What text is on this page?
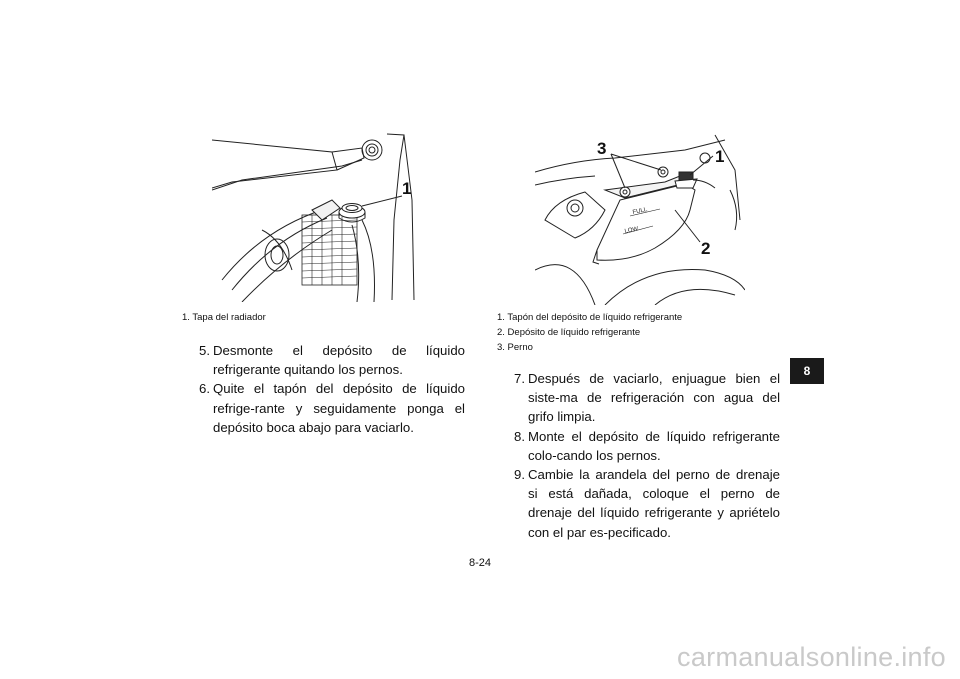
1
FULL
LOW
3	1
2
1. Tapa del radiador	1. Tapón del depósito de líquido refrigerante
2. Depósito de líquido refrigerante
3. Perno
5. Desmonte el depósito de líquido refrigerante quitando los pernos.
6. Quite el tapón del depósito de líquido refrige-rante y seguidamente ponga el depósito boca abajo para vaciarlo.
7. Después de vaciarlo, enjuague bien el siste-ma de refrigeración con agua del grifo limpia.
8. Monte el depósito de líquido refrigerante colo-cando los pernos.
9. Cambie la arandela del perno de drenaje si está dañada, coloque el perno de drenaje del líquido refrigerante y apriételo con el par es-pecificado.
8
8-24
carmanualsonline.info
